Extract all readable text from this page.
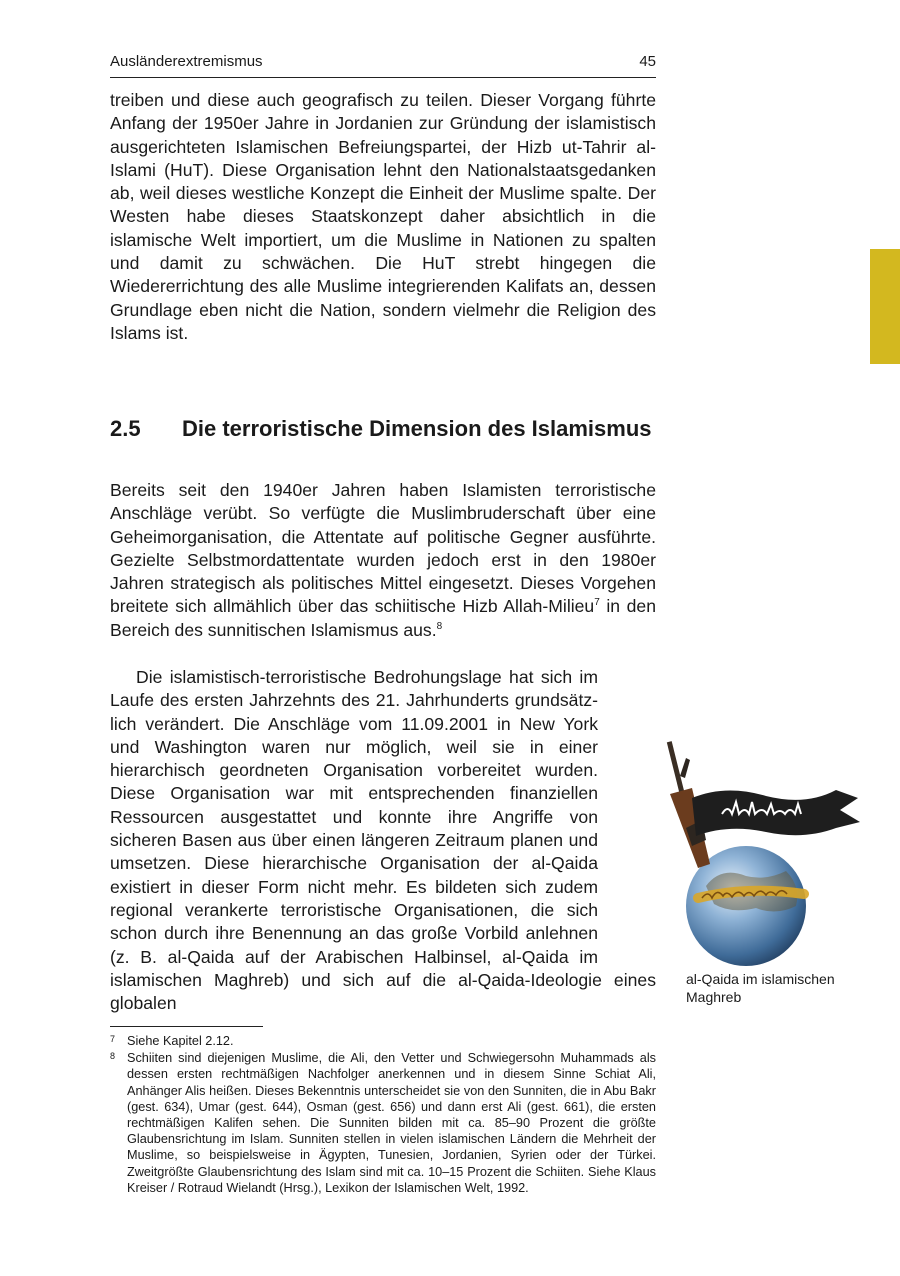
Ausländerextremismus	45

treiben und diese auch geografisch zu teilen. Dieser Vorgang führte Anfang der 1950er Jahre in Jordanien zur Gründung der islamistisch ausgerichteten Islamischen Befreiungspartei, der Hizb ut-Tahrir al-Islami (HuT). Diese Organisation lehnt den Nationalstaatsgedanken ab, weil dieses westliche Konzept die Einheit der Muslime spalte. Der Westen habe dieses Staatskonzept daher absichtlich in die islamische Welt importiert, um die Muslime in Nationen zu spalten und damit zu schwächen. Die HuT strebt hingegen die Wiedererrichtung des alle Muslime integrierenden Kalifats an, dessen Grundlage eben nicht die Nation, sondern vielmehr die Religion des Islams ist.

2.5	Die terroristische Dimension des Islamismus

Bereits seit den 1940er Jahren haben Islamisten terroristische Anschläge verübt. So verfügte die Muslimbruderschaft über eine Geheimorganisation, die Attentate auf politische Gegner ausführte. Gezielte Selbstmordattentate wurden jedoch erst in den 1980er Jahren strategisch als politisches Mittel eingesetzt. Dieses Vorgehen breitete sich allmählich über das schiitische Hizb Allah-Milieu$^7$ in den Bereich des sunnitischen Islamismus aus.$^8$

Die islamistisch-terroristische Bedrohungslage hat sich im Laufe des ersten Jahrzehnts des 21. Jahrhunderts grundsätzlich verändert. Die Anschläge vom 11.09.2001 in New York und Washington waren nur möglich, weil sie in einer hierarchisch geordneten Organisation vorbereitet wurden. Diese Organisation war mit entsprechenden finanziellen Ressourcen ausgestattet und konnte ihre Angriffe von sicheren Basen aus über einen längeren Zeitraum planen und umsetzen. Diese hierarchische Organisation der al-Qaida existiert in dieser Form nicht mehr. Es bildeten sich zudem regional verankerte terroristische Organisationen, die sich schon durch ihre Benennung an das große Vorbild anlehnen (z. B. al-Qaida auf der Arabischen Halbinsel, al-Qaida im islamischen Maghreb) und sich auf die al-Qaida-Ideologie eines globalen

al-Qaida im islamischen Maghreb
7 Siehe Kapitel 2.12.
8 Schiiten sind diejenigen Muslime, die Ali, den Vetter und Schwiegersohn Muhammads als dessen ersten rechtmäßigen Nachfolger anerkennen und in diesem Sinne Schiat Ali, Anhänger Alis heißen. Dieses Bekenntnis unterscheidet sie von den Sunniten, die in Abu Bakr (gest. 634), Umar (gest. 644), Osman (gest. 656) und dann erst Ali (gest. 661), die ersten rechtmäßigen Kalifen sehen. Die Sunniten bilden mit ca. 85–90 Prozent die größte Glaubensrichtung im Islam. Sunniten stellen in vielen islamischen Ländern die Mehrheit der Muslime, so beispielsweise in Ägypten, Tunesien, Jordanien, Syrien oder der Türkei. Zweitgrößte Glaubensrichtung des Islam sind mit ca. 10–15 Prozent die Schiiten. Siehe Klaus Kreiser / Rotraud Wielandt (Hrsg.), Lexikon der Islamischen Welt, 1992.
